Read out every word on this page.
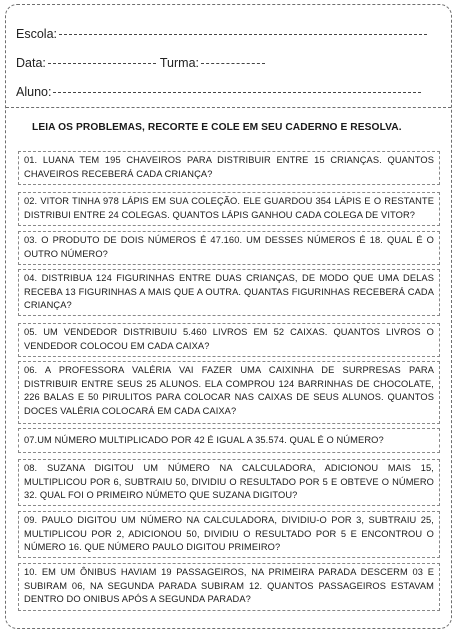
Escola:
Data:	Turma:
Aluno:
LEIA OS PROBLEMAS, RECORTE E COLE EM SEU CADERNO E RESOLVA.
01. LUANA TEM 195 CHAVEIROS PARA DISTRIBUIR ENTRE 15 CRIANÇAS. QUANTOS CHAVEIROS RECEBERÁ CADA CRIANÇA?
02. VITOR TINHA 978 LÁPIS EM SUA COLEÇÃO. ELE GUARDOU 354 LÁPIS E O RESTANTE DISTRIBUI ENTRE 24 COLEGAS. QUANTOS LÁPIS GANHOU CADA COLEGA DE VITOR?
03. O PRODUTO DE DOIS NÚMEROS É 47.160. UM DESSES NÚMEROS É 18. QUAL É O OUTRO NÚMERO?
04. DISTRIBUA 124 FIGURINHAS ENTRE DUAS CRIANÇAS, DE MODO QUE UMA DELAS RECEBA 13 FIGURINHAS A MAIS QUE A OUTRA. QUANTAS FIGURINHAS RECEBERÁ CADA CRIANÇA?
05. UM VENDEDOR DISTRIBUIU 5.460 LIVROS EM 52 CAIXAS. QUANTOS LIVROS O VENDEDOR COLOCOU EM CADA CAIXA?
06. A PROFESSORA VALÉRIA VAI FAZER UMA CAIXINHA DE SURPRESAS PARA DISTRIBUIR ENTRE SEUS 25 ALUNOS. ELA COMPROU 124 BARRINHAS DE CHOCOLATE, 226 BALAS E 50 PIRULITOS PARA COLOCAR NAS CAIXAS DE SEUS ALUNOS. QUANTOS DOCES VALÉRIA COLOCARÁ EM CADA CAIXA?
07.UM NÚMERO MULTIPLICADO POR 42 É IGUAL A 35.574. QUAL É O NÚMERO?
08. SUZANA DIGITOU UM NÚMERO NA CALCULADORA, ADICIONOU MAIS 15, MULTIPLICOU POR 6, SUBTRAIU 50, DIVIDIU O RESULTADO POR 5 E OBTEVE O NÚMERO 32. QUAL FOI O PRIMEIRO NÚMETO QUE SUZANA DIGITOU?
09. PAULO DIGITOU UM NÚMERO NA CALCULADORA, DIVIDIU-O POR 3, SUBTRAIU 25, MULTIPLICOU POR 2, ADICIONOU 50, DIVIDIU O RESULTADO POR 5 E ENCONTROU O NÚMERO 16. QUE NÚMERO PAULO DIGITOU PRIMEIRO?
10. EM UM ÔNIBUS HAVIAM 19 PASSAGEIROS, NA PRIMEIRA PARADA DESCERM 03 E SUBIRAM 06, NA SEGUNDA PARADA SUBIRAM 12. QUANTOS PASSAGEIROS ESTAVAM DENTRO DO ONIBUS APÓS A SEGUNDA PARADA?
